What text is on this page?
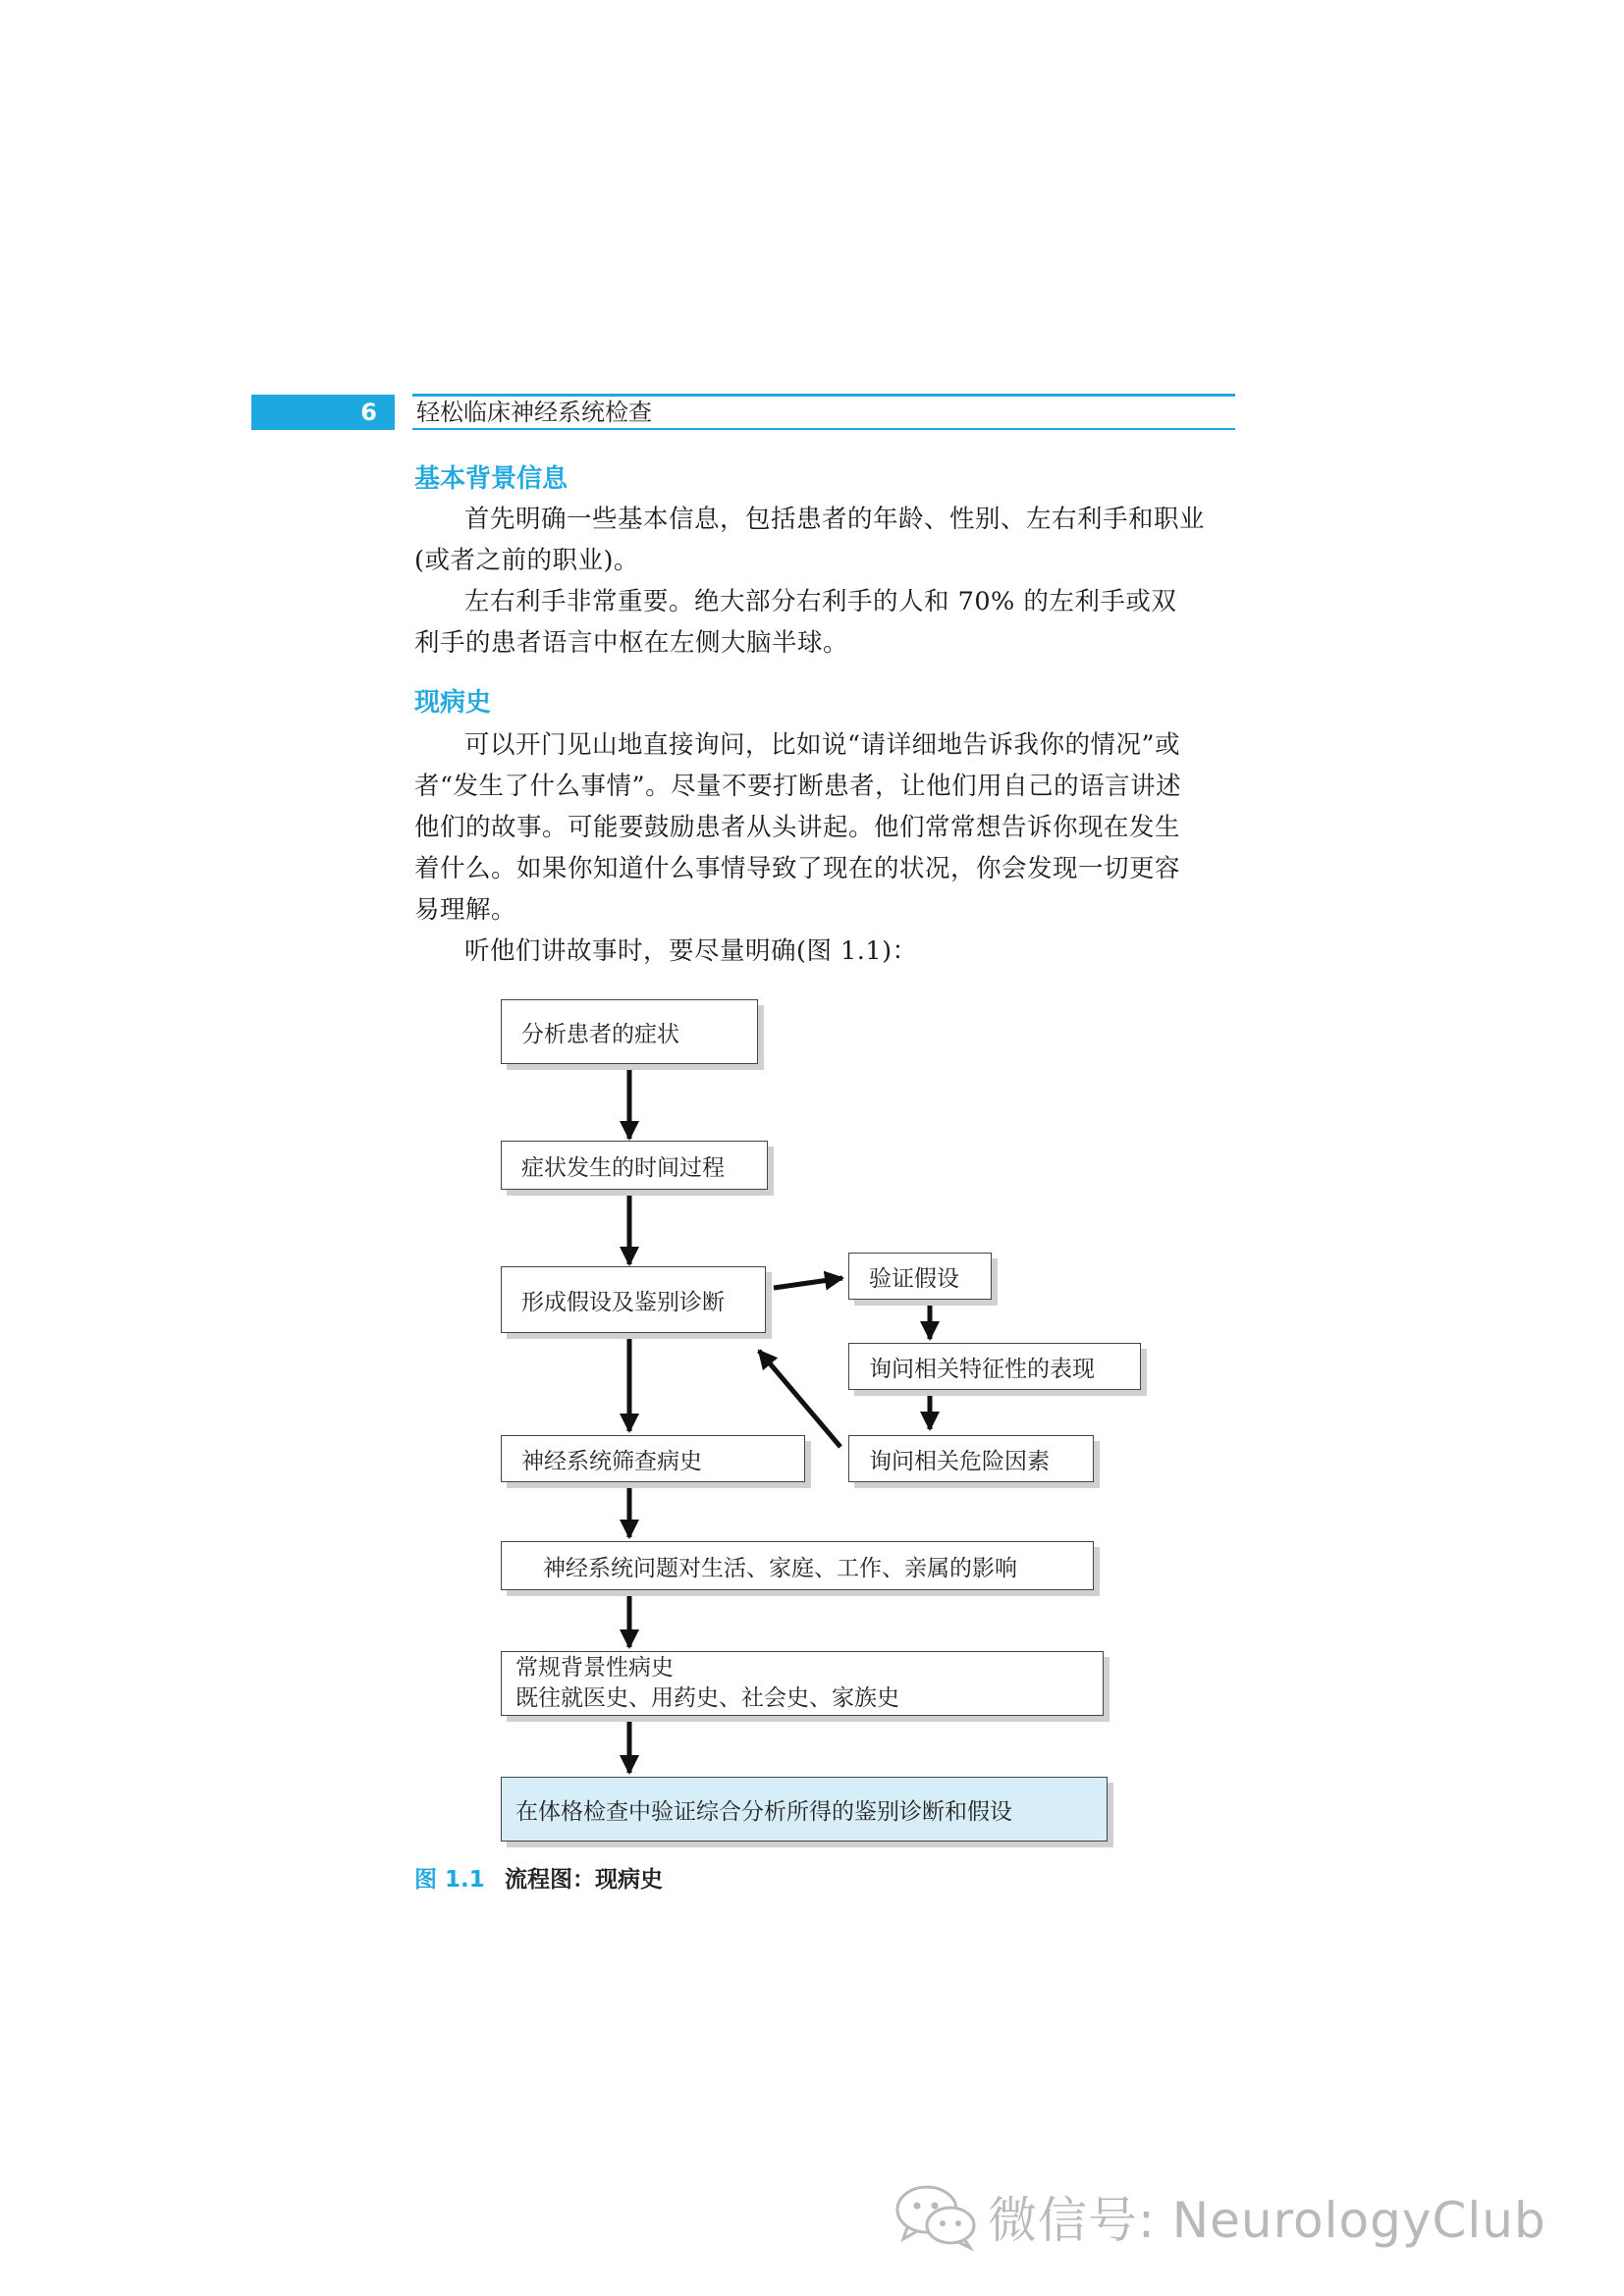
6 轻松临床神经系统检查
基本背景信息

首先明确一些基本信息，包括患者的年龄、性别、左右利手和职业

(或者之前的职业)。

左右利手非常重要。绝大部分右利手的人和 70% 的左利手或双

利手的患者语言中枢在左侧大脑半球。

现病史

可以开门见山地直接询问，比如说“请详细地告诉我你的情况”或

者“发生了什么事情”。尽量不要打断患者，让他们用自己的语言讲述

他们的故事。可能要鼓励患者从头讲起。他们常常想告诉你现在发生

着什么。如果你知道什么事情导致了现在的状况，你会发现一切更容

易理解。

听他们讲故事时，要尽量明确(图 1.1)：

分析患者的症状
症状发生的时间过程
形成假设及鉴别诊断
验证假设
询问相关特征性的表现
神经系统筛查病史	询问相关危险因素
神经系统问题对生活、家庭、工作、亲属的影响
常规背景性病史
既往就医史、用药史、社会史、家族史
在体格检查中验证综合分析所得的鉴别诊断和假设
图 1.1 流程图：现病史
微信号: NeurologyClub
